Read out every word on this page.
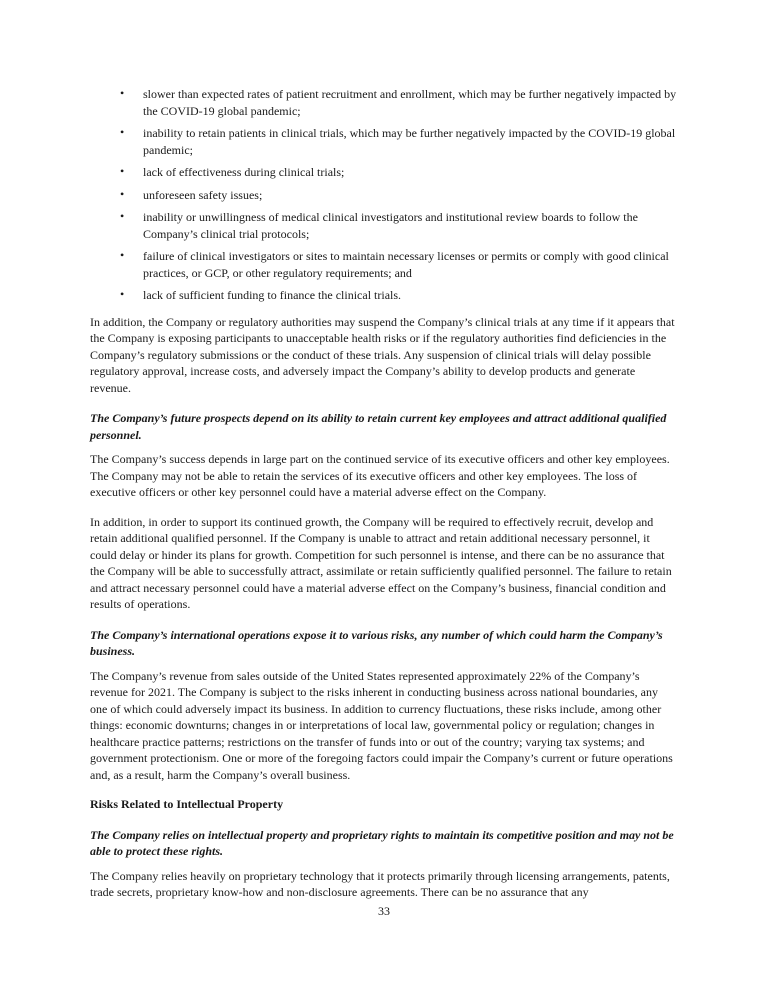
• slower than expected rates of patient recruitment and enrollment, which may be further negatively impacted by the COVID-19 global pandemic;
• inability to retain patients in clinical trials, which may be further negatively impacted by the COVID-19 global pandemic;
• lack of effectiveness during clinical trials;
• unforeseen safety issues;
• inability or unwillingness of medical clinical investigators and institutional review boards to follow the Company’s clinical trial protocols;
• failure of clinical investigators or sites to maintain necessary licenses or permits or comply with good clinical practices, or GCP, or other regulatory requirements; and
• lack of sufficient funding to finance the clinical trials.

In addition, the Company or regulatory authorities may suspend the Company’s clinical trials at any time if it appears that the Company is exposing participants to unacceptable health risks or if the regulatory authorities find deficiencies in the Company’s regulatory submissions or the conduct of these trials. Any suspension of clinical trials will delay possible regulatory approval, increase costs, and adversely impact the Company’s ability to develop products and generate revenue.

The Company’s future prospects depend on its ability to retain current key employees and attract additional qualified personnel.

The Company’s success depends in large part on the continued service of its executive officers and other key employees. The Company may not be able to retain the services of its executive officers and other key employees. The loss of executive officers or other key personnel could have a material adverse effect on the Company.

In addition, in order to support its continued growth, the Company will be required to effectively recruit, develop and retain additional qualified personnel. If the Company is unable to attract and retain additional necessary personnel, it could delay or hinder its plans for growth. Competition for such personnel is intense, and there can be no assurance that the Company will be able to successfully attract, assimilate or retain sufficiently qualified personnel. The failure to retain and attract necessary personnel could have a material adverse effect on the Company’s business, financial condition and results of operations.

The Company’s international operations expose it to various risks, any number of which could harm the Company’s business.

The Company’s revenue from sales outside of the United States represented approximately 22% of the Company’s revenue for 2021. The Company is subject to the risks inherent in conducting business across national boundaries, any one of which could adversely impact its business. In addition to currency fluctuations, these risks include, among other things: economic downturns; changes in or interpretations of local law, governmental policy or regulation; changes in healthcare practice patterns; restrictions on the transfer of funds into or out of the country; varying tax systems; and government protectionism. One or more of the foregoing factors could impair the Company’s current or future operations and, as a result, harm the Company’s overall business.

Risks Related to Intellectual Property
The Company relies on intellectual property and proprietary rights to maintain its competitive position and may not be able to protect these rights.

The Company relies heavily on proprietary technology that it protects primarily through licensing arrangements, patents, trade secrets, proprietary know-how and non-disclosure agreements. There can be no assurance that any

33
